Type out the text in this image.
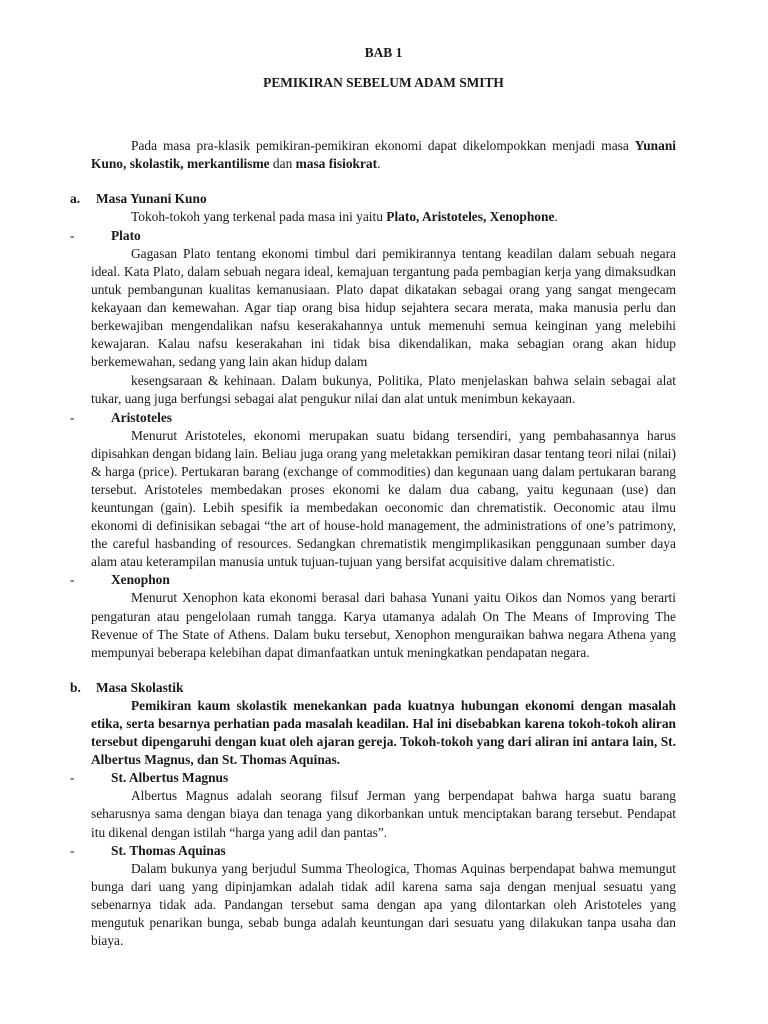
BAB 1
PEMIKIRAN SEBELUM ADAM SMITH

Pada masa pra-klasik pemikiran-pemikiran ekonomi dapat dikelompokkan menjadi masa Yunani Kuno, skolastik, merkantilisme dan masa fisiokrat.

a.	Masa Yunani Kuno

Tokoh-tokoh yang terkenal pada masa ini yaitu Plato, Aristoteles, Xenophone.

-	Plato

Gagasan Plato tentang ekonomi timbul dari pemikirannya tentang keadilan dalam sebuah negara ideal. Kata Plato, dalam sebuah negara ideal, kemajuan tergantung pada pembagian kerja yang dimaksudkan untuk pembangunan kualitas kemanusiaan. Plato dapat dikatakan sebagai orang yang sangat mengecam kekayaan dan kemewahan. Agar tiap orang bisa hidup sejahtera secara merata, maka manusia perlu dan berkewajiban mengendalikan nafsu keserakahannya untuk memenuhi semua keinginan yang melebihi kewajaran. Kalau nafsu keserakahan ini tidak bisa dikendalikan, maka sebagian orang akan hidup berkemewahan, sedang yang lain akan hidup dalam

kesengsaraan & kehinaan. Dalam bukunya, Politika, Plato menjelaskan bahwa selain sebagai alat tukar, uang juga berfungsi sebagai alat pengukur nilai dan alat untuk menimbun kekayaan.

-	Aristoteles

Menurut Aristoteles, ekonomi merupakan suatu bidang tersendiri, yang pembahasannya harus dipisahkan dengan bidang lain. Beliau juga orang yang meletakkan pemikiran dasar tentang teori nilai (nilai) & harga (price). Pertukaran barang (exchange of commodities) dan kegunaan uang dalam pertukaran barang tersebut. Aristoteles membedakan proses ekonomi ke dalam dua cabang, yaitu kegunaan (use) dan keuntungan (gain). Lebih spesifik ia membedakan oeconomic dan chrematistik. Oeconomic atau ilmu ekonomi di definisikan sebagai “the art of house-hold management, the administrations of one’s patrimony, the careful hasbanding of resources. Sedangkan chrematistik mengimplikasikan penggunaan sumber daya alam atau keterampilan manusia untuk tujuan-tujuan yang bersifat acquisitive dalam chrematistic.

-	Xenophon

Menurut Xenophon kata ekonomi berasal dari bahasa Yunani yaitu Oikos dan Nomos yang berarti pengaturan atau pengelolaan rumah tangga. Karya utamanya adalah On The Means of Improving The Revenue of The State of Athens. Dalam buku tersebut, Xenophon menguraikan bahwa negara Athena yang mempunyai beberapa kelebihan dapat dimanfaatkan untuk meningkatkan pendapatan negara.

b.	Masa Skolastik

Pemikiran kaum skolastik menekankan pada kuatnya hubungan ekonomi dengan masalah etika, serta besarnya perhatian pada masalah keadilan. Hal ini disebabkan karena tokoh-tokoh aliran tersebut dipengaruhi dengan kuat oleh ajaran gereja. Tokoh-tokoh yang dari aliran ini antara lain, St. Albertus Magnus, dan St. Thomas Aquinas.

-	St. Albertus Magnus

Albertus Magnus adalah seorang filsuf Jerman yang berpendapat bahwa harga suatu barang seharusnya sama dengan biaya dan tenaga yang dikorbankan untuk menciptakan barang tersebut. Pendapat itu dikenal dengan istilah “harga yang adil dan pantas”.

-	St. Thomas Aquinas

Dalam bukunya yang berjudul Summa Theologica, Thomas Aquinas berpendapat bahwa memungut bunga dari uang yang dipinjamkan adalah tidak adil karena sama saja dengan menjual sesuatu yang sebenarnya tidak ada. Pandangan tersebut sama dengan apa yang dilontarkan oleh Aristoteles yang mengutuk penarikan bunga, sebab bunga adalah keuntungan dari sesuatu yang dilakukan tanpa usaha dan biaya.
